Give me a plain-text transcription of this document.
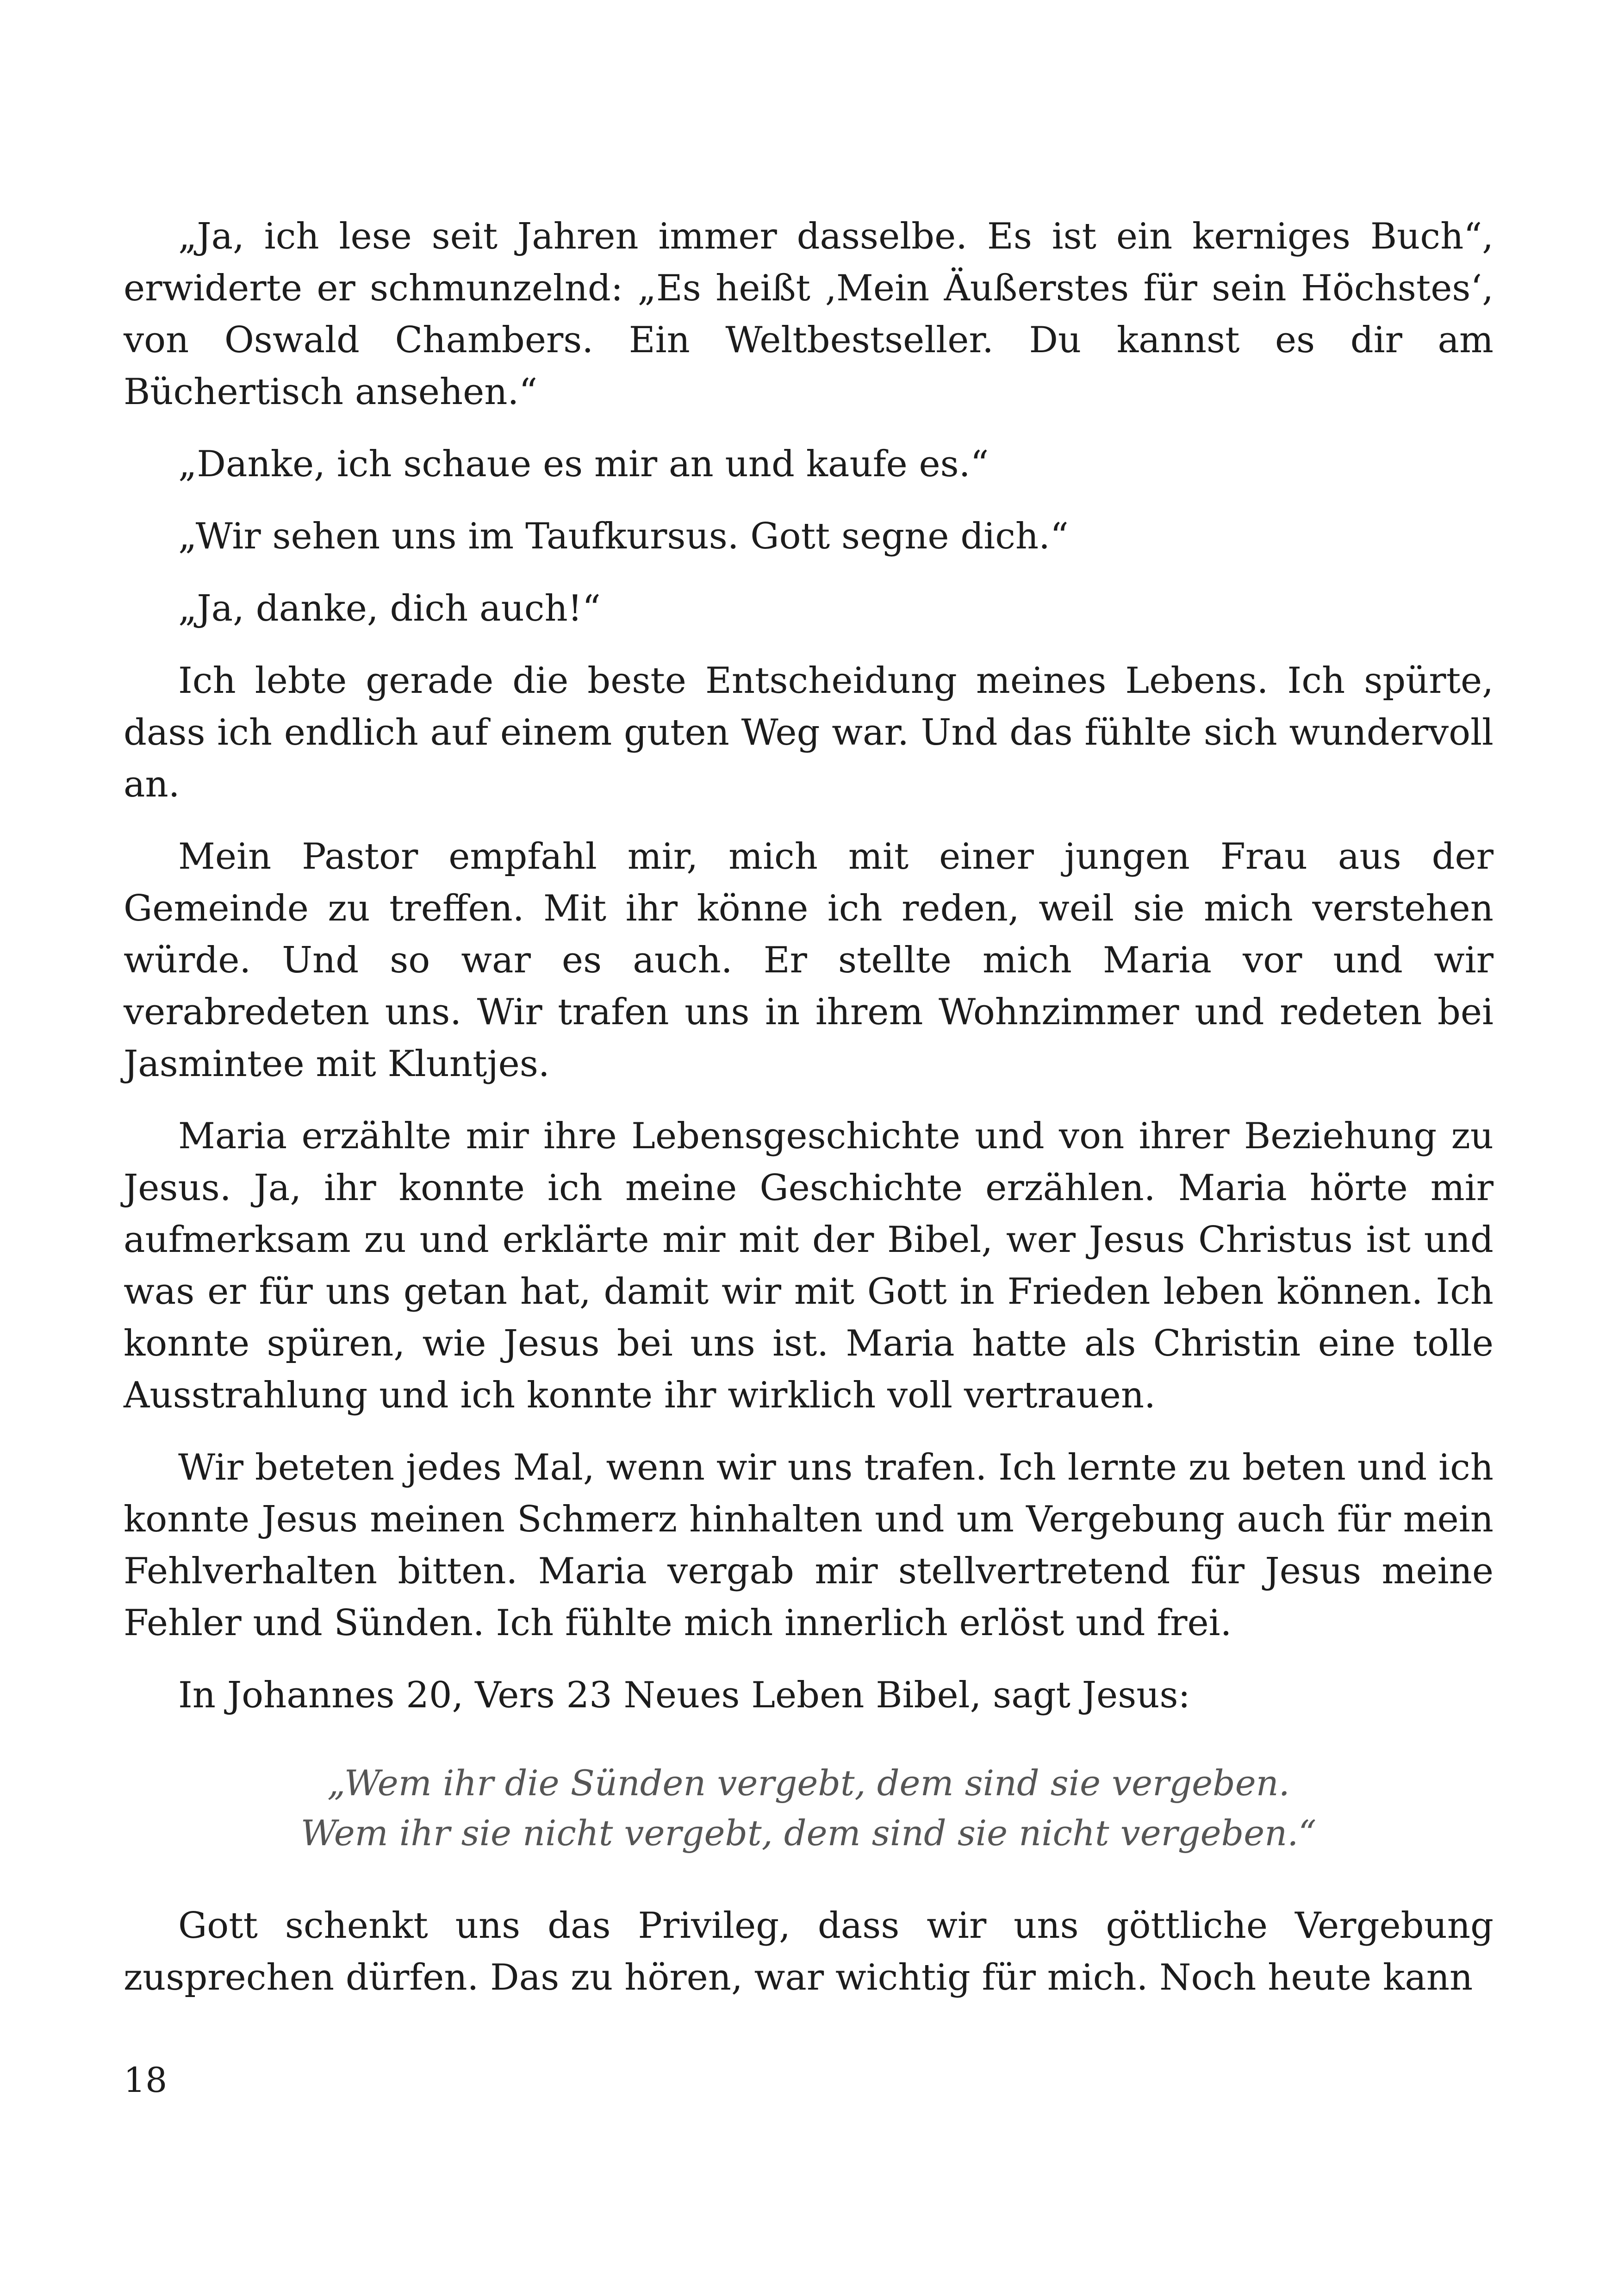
„Ja, ich lese seit Jahren immer dasselbe. Es ist ein kerniges Buch“, erwiderte er schmunzelnd: „Es heißt ‚Mein Äußerstes für sein Höchstes‘, von Oswald Chambers. Ein Weltbestseller. Du kannst es dir am Büchertisch ansehen.“

„Danke, ich schaue es mir an und kaufe es.“

„Wir sehen uns im Taufkursus. Gott segne dich.“

„Ja, danke, dich auch!“

Ich lebte gerade die beste Entscheidung meines Lebens. Ich spürte, dass ich endlich auf einem guten Weg war. Und das fühlte sich wundervoll an.

Mein Pastor empfahl mir, mich mit einer jungen Frau aus der Gemeinde zu treffen. Mit ihr könne ich reden, weil sie mich verstehen würde. Und so war es auch. Er stellte mich Maria vor und wir verabredeten uns. Wir trafen uns in ihrem Wohnzimmer und redeten bei Jasmintee mit Kluntjes.

Maria erzählte mir ihre Lebensgeschichte und von ihrer Beziehung zu Jesus. Ja, ihr konnte ich meine Geschichte erzählen. Maria hörte mir aufmerksam zu und erklärte mir mit der Bibel, wer Jesus Christus ist und was er für uns getan hat, damit wir mit Gott in Frieden leben können. Ich konnte spüren, wie Jesus bei uns ist. Maria hatte als Christin eine tolle Ausstrahlung und ich konnte ihr wirklich voll vertrauen.

Wir beteten jedes Mal, wenn wir uns trafen. Ich lernte zu beten und ich konnte Jesus meinen Schmerz hinhalten und um Vergebung auch für mein Fehlverhalten bitten. Maria vergab mir stellvertretend für Jesus meine Fehler und Sünden. Ich fühlte mich innerlich erlöst und frei.

In Johannes 20, Vers 23 Neues Leben Bibel, sagt Jesus:

„Wem ihr die Sünden vergebt, dem sind sie vergeben.
Wem ihr sie nicht vergebt, dem sind sie nicht vergeben.“

Gott schenkt uns das Privileg, dass wir uns göttliche Vergebung zusprechen dürfen. Das zu hören, war wichtig für mich. Noch heute kann

18
